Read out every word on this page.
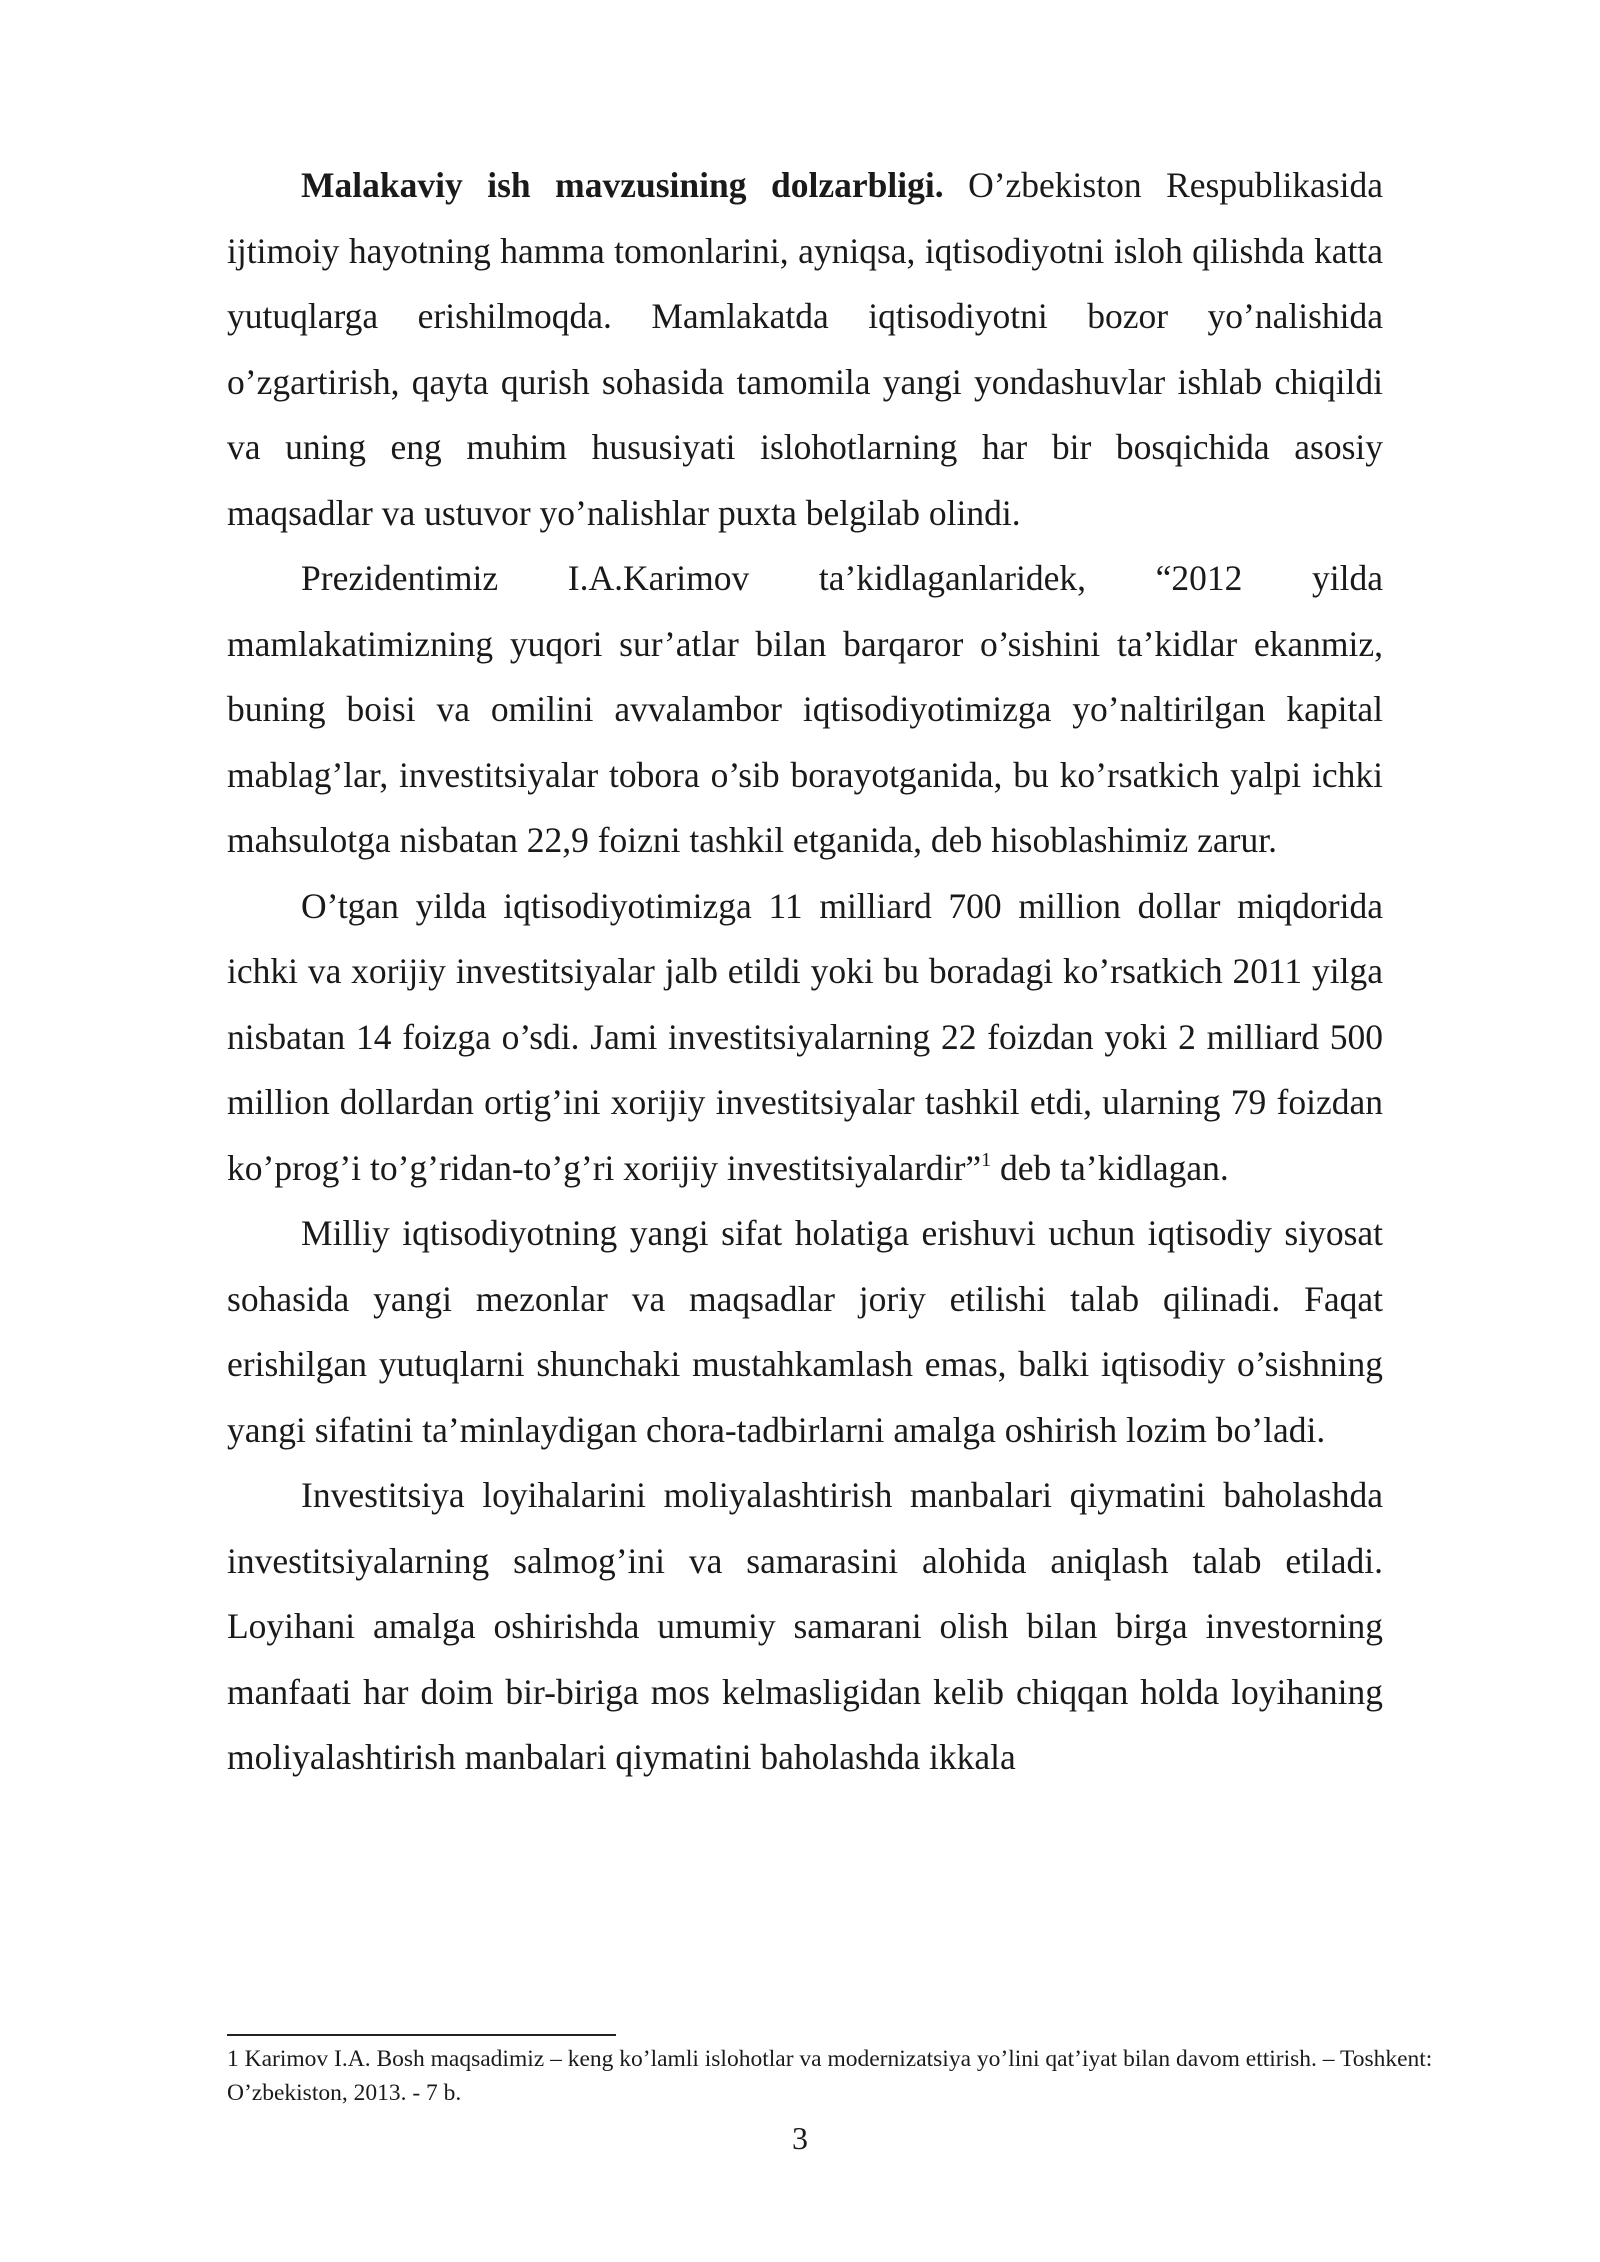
Malakaviy ish mavzusining dolzarbligi. O’zbekiston Respublikasida ijtimoiy hayotning hamma tomonlarini, ayniqsa, iqtisodiyotni isloh qilishda katta yutuqlarga erishilmoqda. Mamlakatda iqtisodiyotni bozor yo’nalishida o’zgartirish, qayta qurish sohasida tamomila yangi yondashuvlar ishlab chiqildi va uning eng muhim hususiyati islohotlarning har bir bosqichida asosiy maqsadlar va ustuvor yo’nalishlar puxta belgilab olindi.

Prezidentimiz I.A.Karimov ta’kidlaganlaridek, “2012 yilda mamlakatimizning yuqori sur’atlar bilan barqaror o’sishini ta’kidlar ekanmiz, buning boisi va omilini avvalambor iqtisodiyotimizga yo’naltirilgan kapital mablag’lar, investitsiyalar tobora o’sib borayotganida, bu ko’rsatkich yalpi ichki mahsulotga nisbatan 22,9 foizni tashkil etganida, deb hisoblashimiz zarur.

O’tgan yilda iqtisodiyotimizga 11 milliard 700 million dollar miqdorida ichki va xorijiy investitsiyalar jalb etildi yoki bu boradagi ko’rsatkich 2011 yilga nisbatan 14 foizga o’sdi. Jami investitsiyalarning 22 foizdan yoki 2 milliard 500 million dollardan ortig’ini xorijiy investitsiyalar tashkil etdi, ularning 79 foizdan ko’prog’i to’g’ridan-to’g’ri xorijiy investitsiyalardir”$^1$ deb ta’kidlagan.

Milliy iqtisodiyotning yangi sifat holatiga erishuvi uchun iqtisodiy siyosat sohasida yangi mezonlar va maqsadlar joriy etilishi talab qilinadi. Faqat erishilgan yutuqlarni shunchaki mustahkamlash emas, balki iqtisodiy o’sishning yangi sifatini ta’minlaydigan chora-tadbirlarni amalga oshirish lozim bo’ladi.

Investitsiya loyihalarini moliyalashtirish manbalari qiymatini baholashda investitsiyalarning salmog’ini va samarasini alohida aniqlash talab etiladi. Loyihani amalga oshirishda umumiy samarani olish bilan birga investorning manfaati har doim bir-biriga mos kelmasligidan kelib chiqqan holda loyihaning moliyalashtirish manbalari qiymatini baholashda ikkala

1 Karimov I.A. Bosh maqsadimiz – keng ko’lamli islohotlar va modernizatsiya yo’lini qat’iyat bilan davom ettirish. – Toshkent: O’zbekiston, 2013. - 7 b.

3
